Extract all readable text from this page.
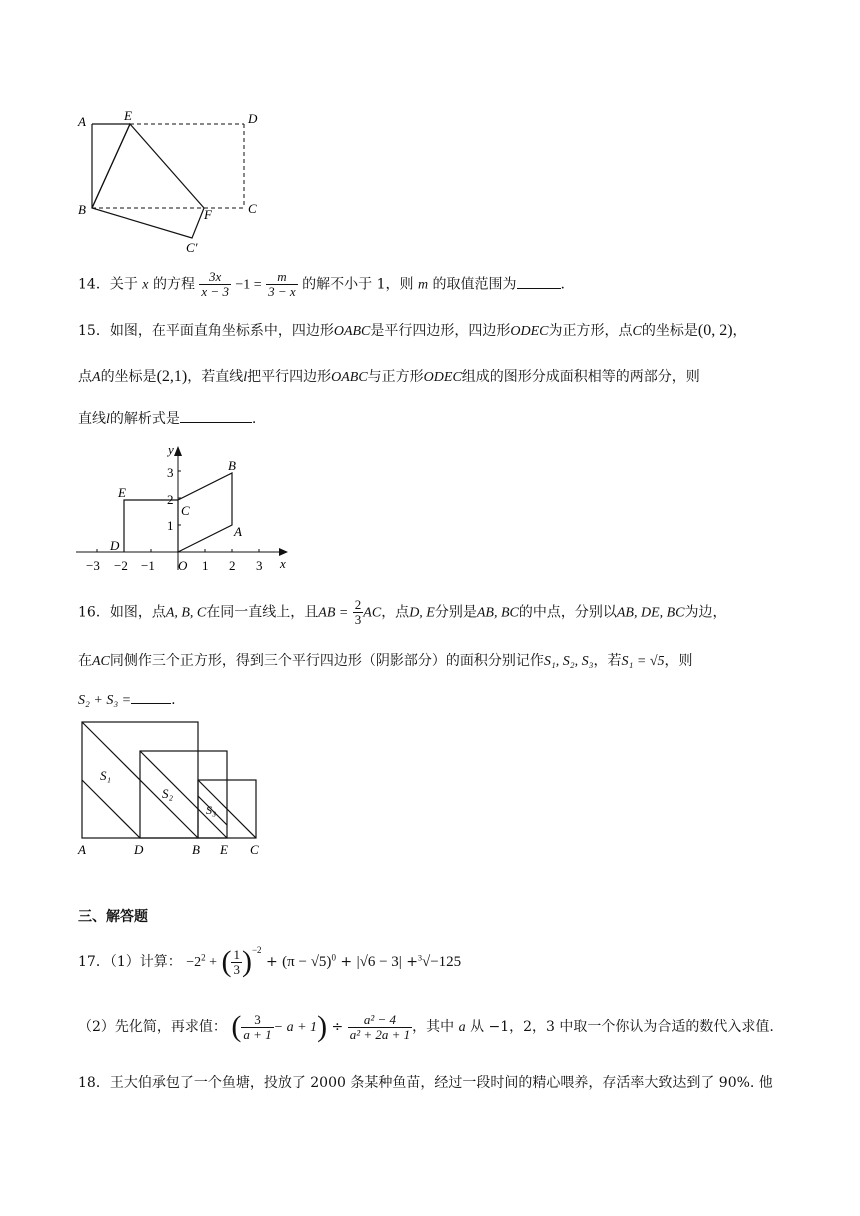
A	E	D
B	F	C
C′
14．关于 x 的方程 $\frac{3x}{x - 3} -1 = \frac{m}{3 - x}$ 的解不小于 1，则 m 的取值范围为	.
15．如图，在平面直角坐标系中，四边形OABC是平行四边形，四边形ODEC为正方形，点C的坐标是(0, 2)，
点A的坐标是(2,1)，若直线l把平行四边形OABC与正方形ODEC组成的图形分成面积相等的两部分，则
直线l的解析式是	.
−3 −2 −1	1 2 3
1
2
3
y
x
O
B
C
A
E
D
16．如图，点A, B, C在同一直线上，且AB = $\frac{2}{3}$ AC，点D, E分别是AB, BC的中点，分别以AB, DE, BC为边，
在AC同侧作三个正方形，得到三个平行四边形（阴影部分）的面积分别记作S₁, S₂, S₃，若S₁ = √5，则
S₂ + S₃ =	.
S₁
S₂
S₃
A	D	B E C
三、解答题
17．（1）计算： $-2^2$ + ( $\frac{1}{3} )^{-2} + (\pi - √5)^0 + |√6 - 3| +^3√-125$
（2）先化简，再求值： ( $\frac{3}{a + 1} - a + 1) \div \frac{\text{a² − 4}}{\text{a² + 2a + 1}}$ ，其中 a 从 −1，2，3 中取一个你认为合适的数代入求值.
18．王大伯承包了一个鱼塘，投放了 2000 条某种鱼苗，经过一段时间的精心喂养，存活率大致达到了 90%. 他
